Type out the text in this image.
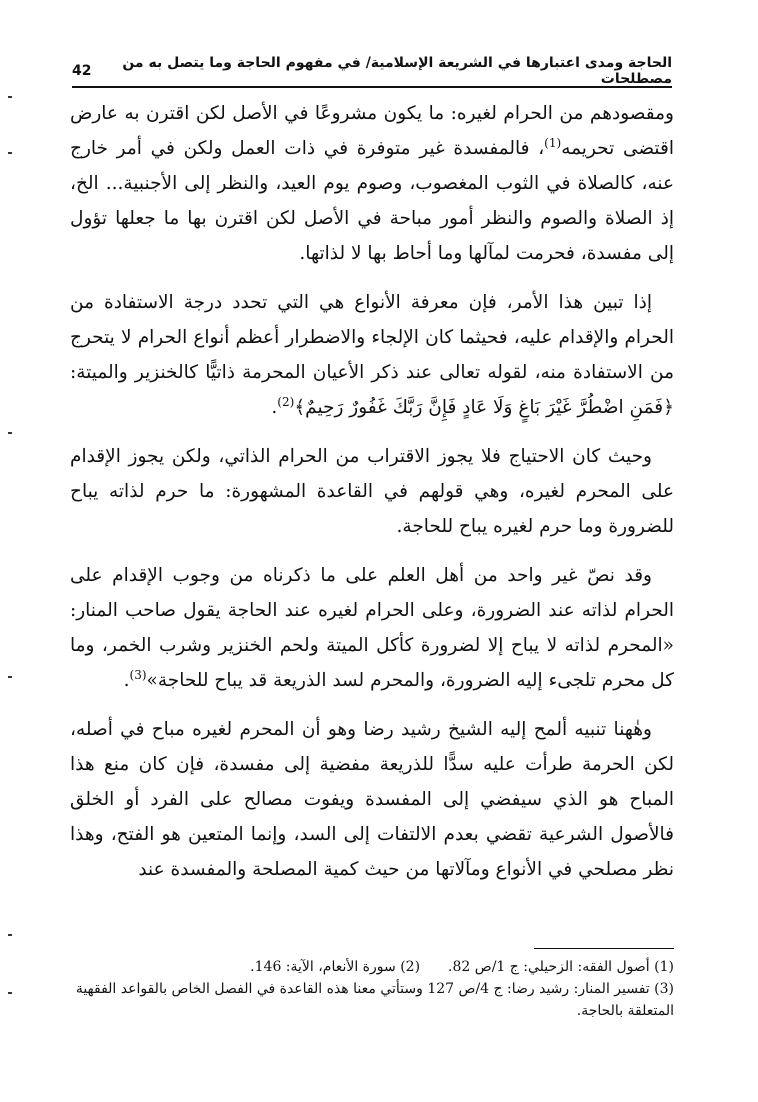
الحاجة ومدى اعتبارها في الشريعة الإسلامية/ في مفهوم الحاجة وما يتصل به من مصطلحات
42

ومقصودهم من الحرام لغيره: ما يكون مشروعًا في الأصل لكن اقترن به عارض اقتضى تحريمه$^{(1)}$، فالمفسدة غير متوفرة في ذات العمل ولكن في أمر خارج عنه، كالصلاة في الثوب المغصوب، وصوم يوم العيد، والنظر إلى الأجنبية... الخ، إذ الصلاة والصوم والنظر أمور مباحة في الأصل لكن اقترن بها ما جعلها تؤول إلى مفسدة، فحرمت لمآلها وما أحاط بها لا لذاتها.

إذا تبين هذا الأمر، فإن معرفة الأنواع هي التي تحدد درجة الاستفادة من الحرام والإقدام عليه، فحيثما كان الإلجاء والاضطرار أعظم أنواع الحرام لا يتحرج من الاستفادة منه، لقوله تعالى عند ذكر الأعيان المحرمة ذاتيًّا كالخنزير والميتة: ﴿فَمَنِ اضْطُرَّ غَيْرَ بَاغٍ وَلَا عَادٍ فَإِنَّ رَبَّكَ غَفُورٌ رَحِيمٌ﴾$^{(2)}$.

وحيث كان الاحتياج فلا يجوز الاقتراب من الحرام الذاتي، ولكن يجوز الإقدام على المحرم لغيره، وهي قولهم في القاعدة المشهورة: ما حرم لذاته يباح للضرورة وما حرم لغيره يباح للحاجة.

وقد نصّ غير واحد من أهل العلم على ما ذكرناه من وجوب الإقدام على الحرام لذاته عند الضرورة، وعلى الحرام لغيره عند الحاجة يقول صاحب المنار: «المحرم لذاته لا يباح إلا لضرورة كأكل الميتة ولحم الخنزير وشرب الخمر، وما كل محرم تلجىء إليه الضرورة، والمحرم لسد الذريعة قد يباح للحاجة»$^{(3)}$.

وهٰهنا تنبيه ألمح إليه الشيخ رشيد رضا وهو أن المحرم لغيره مباح في أصله، لكن الحرمة طرأت عليه سدًّا للذريعة مفضية إلى مفسدة، فإن كان منع هذا المباح هو الذي سيفضي إلى المفسدة ويفوت مصالح على الفرد أو الخلق فالأصول الشرعية تقضي بعدم الالتفات إلى السد، وإنما المتعين هو الفتح، وهذا نظر مصلحي في الأنواع ومآلاتها من حيث كمية المصلحة والمفسدة عند

(1) أصول الفقه: الزحيلي: ج 1/ص 82.(2) سورة الأنعام، الآية: 146.

(3) تفسير المنار: رشيد رضا: ج 4/ص 127 وستأتي معنا هذه القاعدة في الفصل الخاص بالقواعد الفقهية المتعلقة بالحاجة.
